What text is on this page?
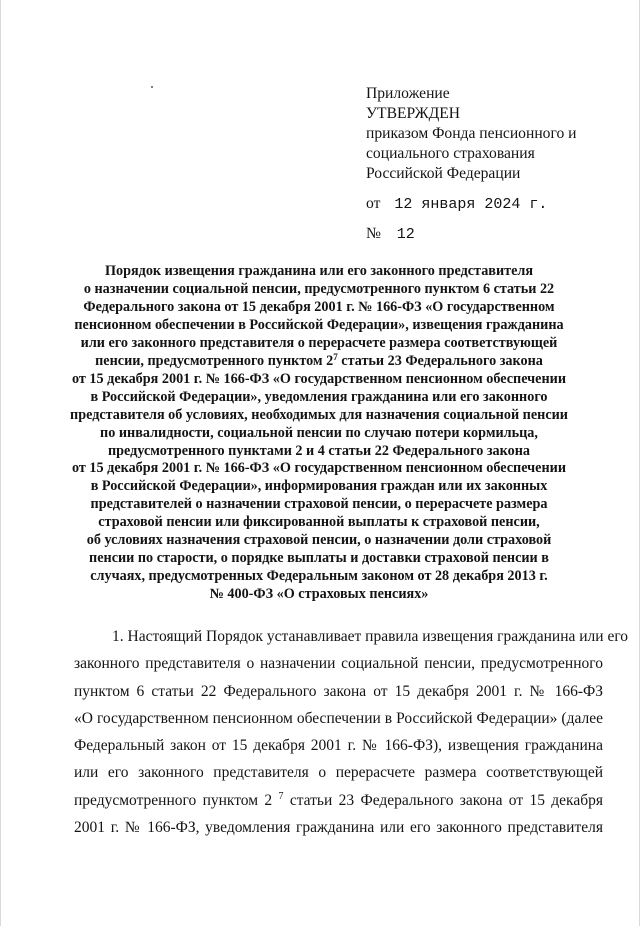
Приложение
УТВЕРЖДЕН
приказом Фонда пенсионного и
социального страхования
Российской Федерации
от 12 января 2024 г.
№ 12
Порядок извещения гражданина или его законного представителя
о назначении социальной пенсии, предусмотренного пунктом 6 статьи 22
Федерального закона от 15 декабря 2001 г. № 166-ФЗ «О государственном
пенсионном обеспечении в Российской Федерации», извещения гражданина
или его законного представителя о перерасчете размера соответствующей
пенсии, предусмотренного пунктом $2^7$ статьи 23 Федерального закона
от 15 декабря 2001 г. № 166-ФЗ «О государственном пенсионном обеспечении
в Российской Федерации», уведомления гражданина или его законного
представителя об условиях, необходимых для назначения социальной пенсии
по инвалидности, социальной пенсии по случаю потери кормильца,
предусмотренного пунктами 2 и 4 статьи 22 Федерального закона
от 15 декабря 2001 г. № 166-ФЗ «О государственном пенсионном обеспечении
в Российской Федерации», информирования граждан или их законных
представителей о назначении страховой пенсии, о перерасчете размера
страховой пенсии или фиксированной выплаты к страховой пенсии,
об условиях назначения страховой пенсии, о назначении доли страховой
пенсии по старости, о порядке выплаты и доставки страховой пенсии в
случаях, предусмотренных Федеральным законом от 28 декабря 2013 г.
№ 400-ФЗ «О страховых пенсиях»
1. Настоящий Порядок устанавливает правила извещения гражданина или его
законного представителя о назначении социальной пенсии, предусмотренного
пунктом 6 статьи 22 Федерального закона от 15 декабря 2001 г. № 166-ФЗ
«О государственном пенсионном обеспечении в Российской Федерации» (далее
Федеральный закон от 15 декабря 2001 г. № 166-ФЗ), извещения гражданина
или его законного представителя о перерасчете размера соответствующей
предусмотренного пунктом 2 $^7$ статьи 23 Федерального закона от 15 декабря
2001 г. № 166-ФЗ, уведомления гражданина или его законного представителя
